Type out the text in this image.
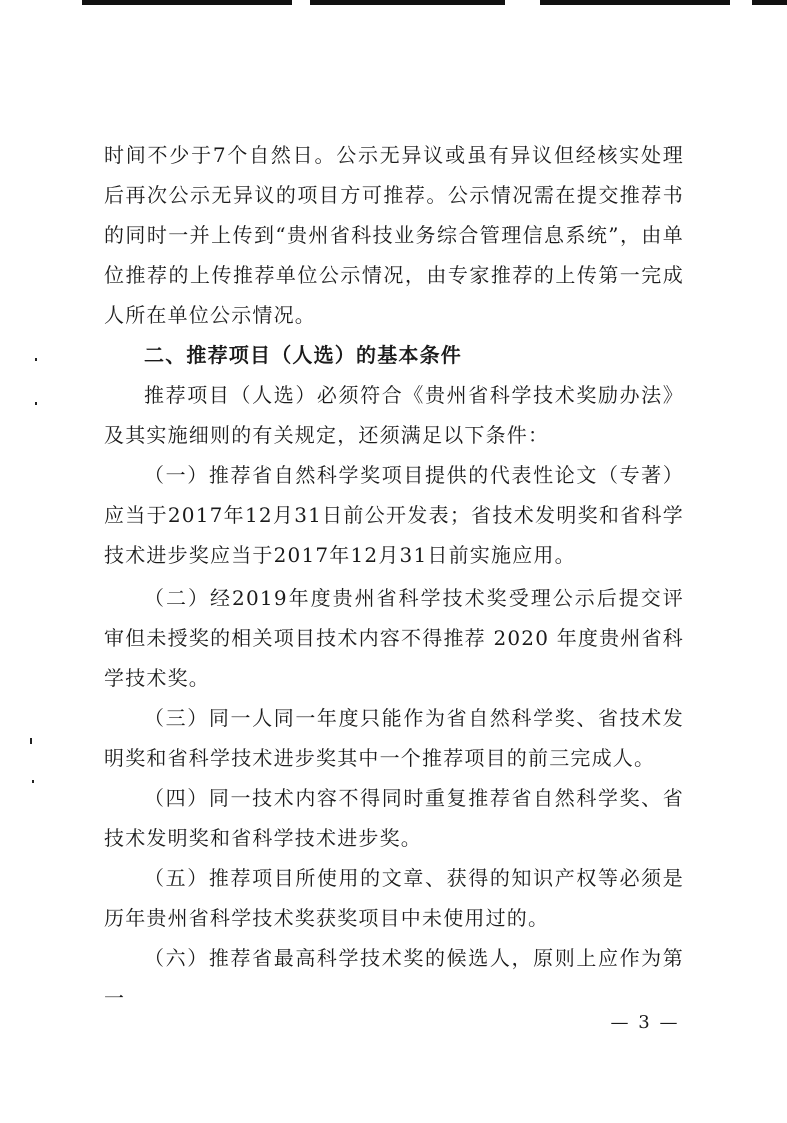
时间不少于7个自然日。公示无异议或虽有异议但经核实处理后再次公示无异议的项目方可推荐。公示情况需在提交推荐书的同时一并上传到“贵州省科技业务综合管理信息系统”，由单位推荐的上传推荐单位公示情况，由专家推荐的上传第一完成人所在单位公示情况。

二、推荐项目（人选）的基本条件

推荐项目（人选）必须符合《贵州省科学技术奖励办法》及其实施细则的有关规定，还须满足以下条件：

（一）推荐省自然科学奖项目提供的代表性论文（专著）应当于2017年12月31日前公开发表；省技术发明奖和省科学技术进步奖应当于2017年12月31日前实施应用。

（二）经2019年度贵州省科学技术奖受理公示后提交评审但未授奖的相关项目技术内容不得推荐 2020 年度贵州省科学技术奖。

（三）同一人同一年度只能作为省自然科学奖、省技术发明奖和省科学技术进步奖其中一个推荐项目的前三完成人。

（四）同一技术内容不得同时重复推荐省自然科学奖、省技术发明奖和省科学技术进步奖。

（五）推荐项目所使用的文章、获得的知识产权等必须是历年贵州省科学技术奖获奖项目中未使用过的。

（六）推荐省最高科学技术奖的候选人，原则上应作为第一

— 3 —
